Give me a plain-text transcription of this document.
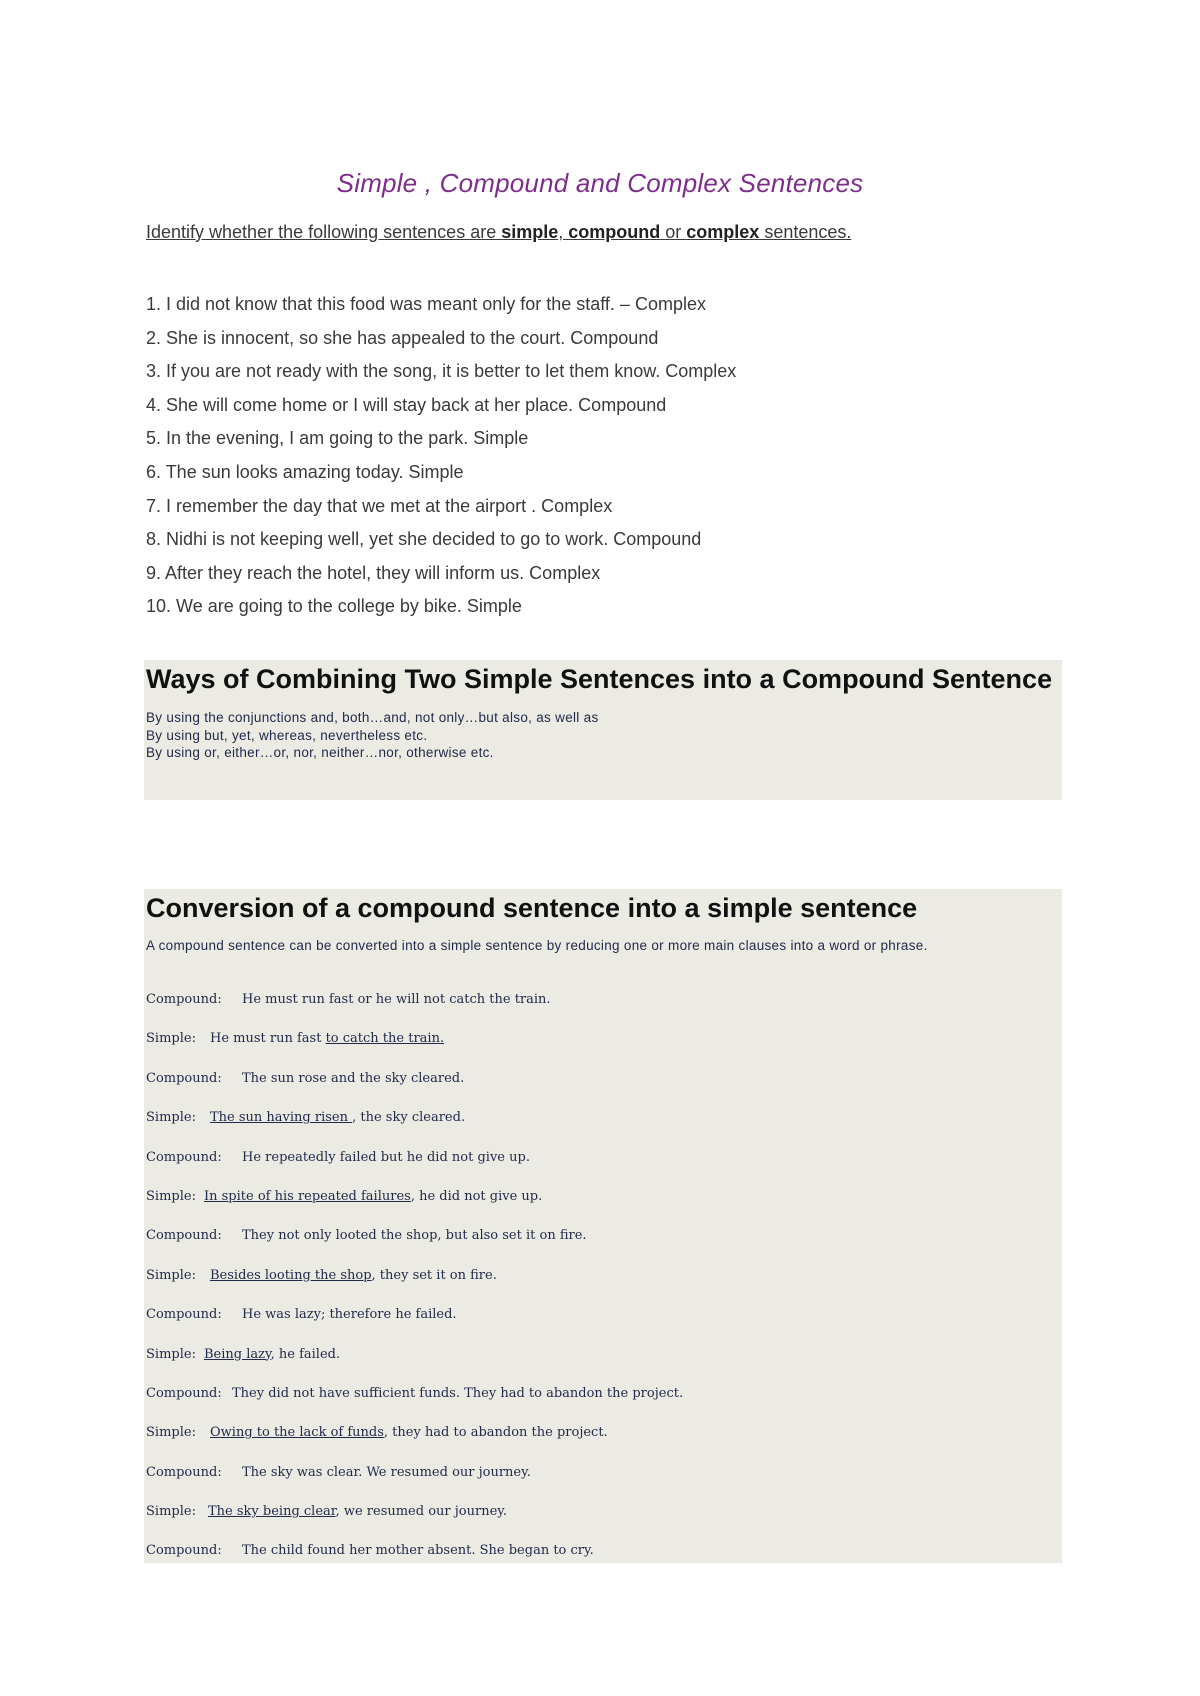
Simple , Compound and Complex Sentences
Identify whether the following sentences are simple, compound or complex sentences.
1. I did not know that this food was meant only for the staff. – Complex
2. She is innocent, so she has appealed to the court. Compound
3. If you are not ready with the song, it is better to let them know. Complex
4. She will come home or I will stay back at her place. Compound
5. In the evening, I am going to the park. Simple
6. The sun looks amazing today. Simple
7. I remember the day that we met at the airport . Complex
8. Nidhi is not keeping well, yet she decided to go to work. Compound
9. After they reach the hotel, they will inform us. Complex
10. We are going to the college by bike. Simple
Ways of Combining Two Simple Sentences into a Compound Sentence
By using the conjunctions and, both…and, not only…but also, as well as
By using but, yet, whereas, nevertheless etc.
By using or, either…or, nor, neither…nor, otherwise etc.
Conversion of a compound sentence into a simple sentence
A compound sentence can be converted into a simple sentence by reducing one or more main clauses into a word or phrase.
Compound: He must run fast or he will not catch the train.
Simple: He must run fast to catch the train.
Compound: The sun rose and the sky cleared.
Simple: The sun having risen , the sky cleared.
Compound: He repeatedly failed but he did not give up.
Simple: In spite of his repeated failures, he did not give up.
Compound: They not only looted the shop, but also set it on fire.
Simple: Besides looting the shop, they set it on fire.
Compound: He was lazy; therefore he failed.
Simple: Being lazy, he failed.
Compound: They did not have sufficient funds. They had to abandon the project.
Simple: Owing to the lack of funds, they had to abandon the project.
Compound: The sky was clear. We resumed our journey.
Simple: The sky being clear, we resumed our journey.
Compound: The child found her mother absent. She began to cry.
